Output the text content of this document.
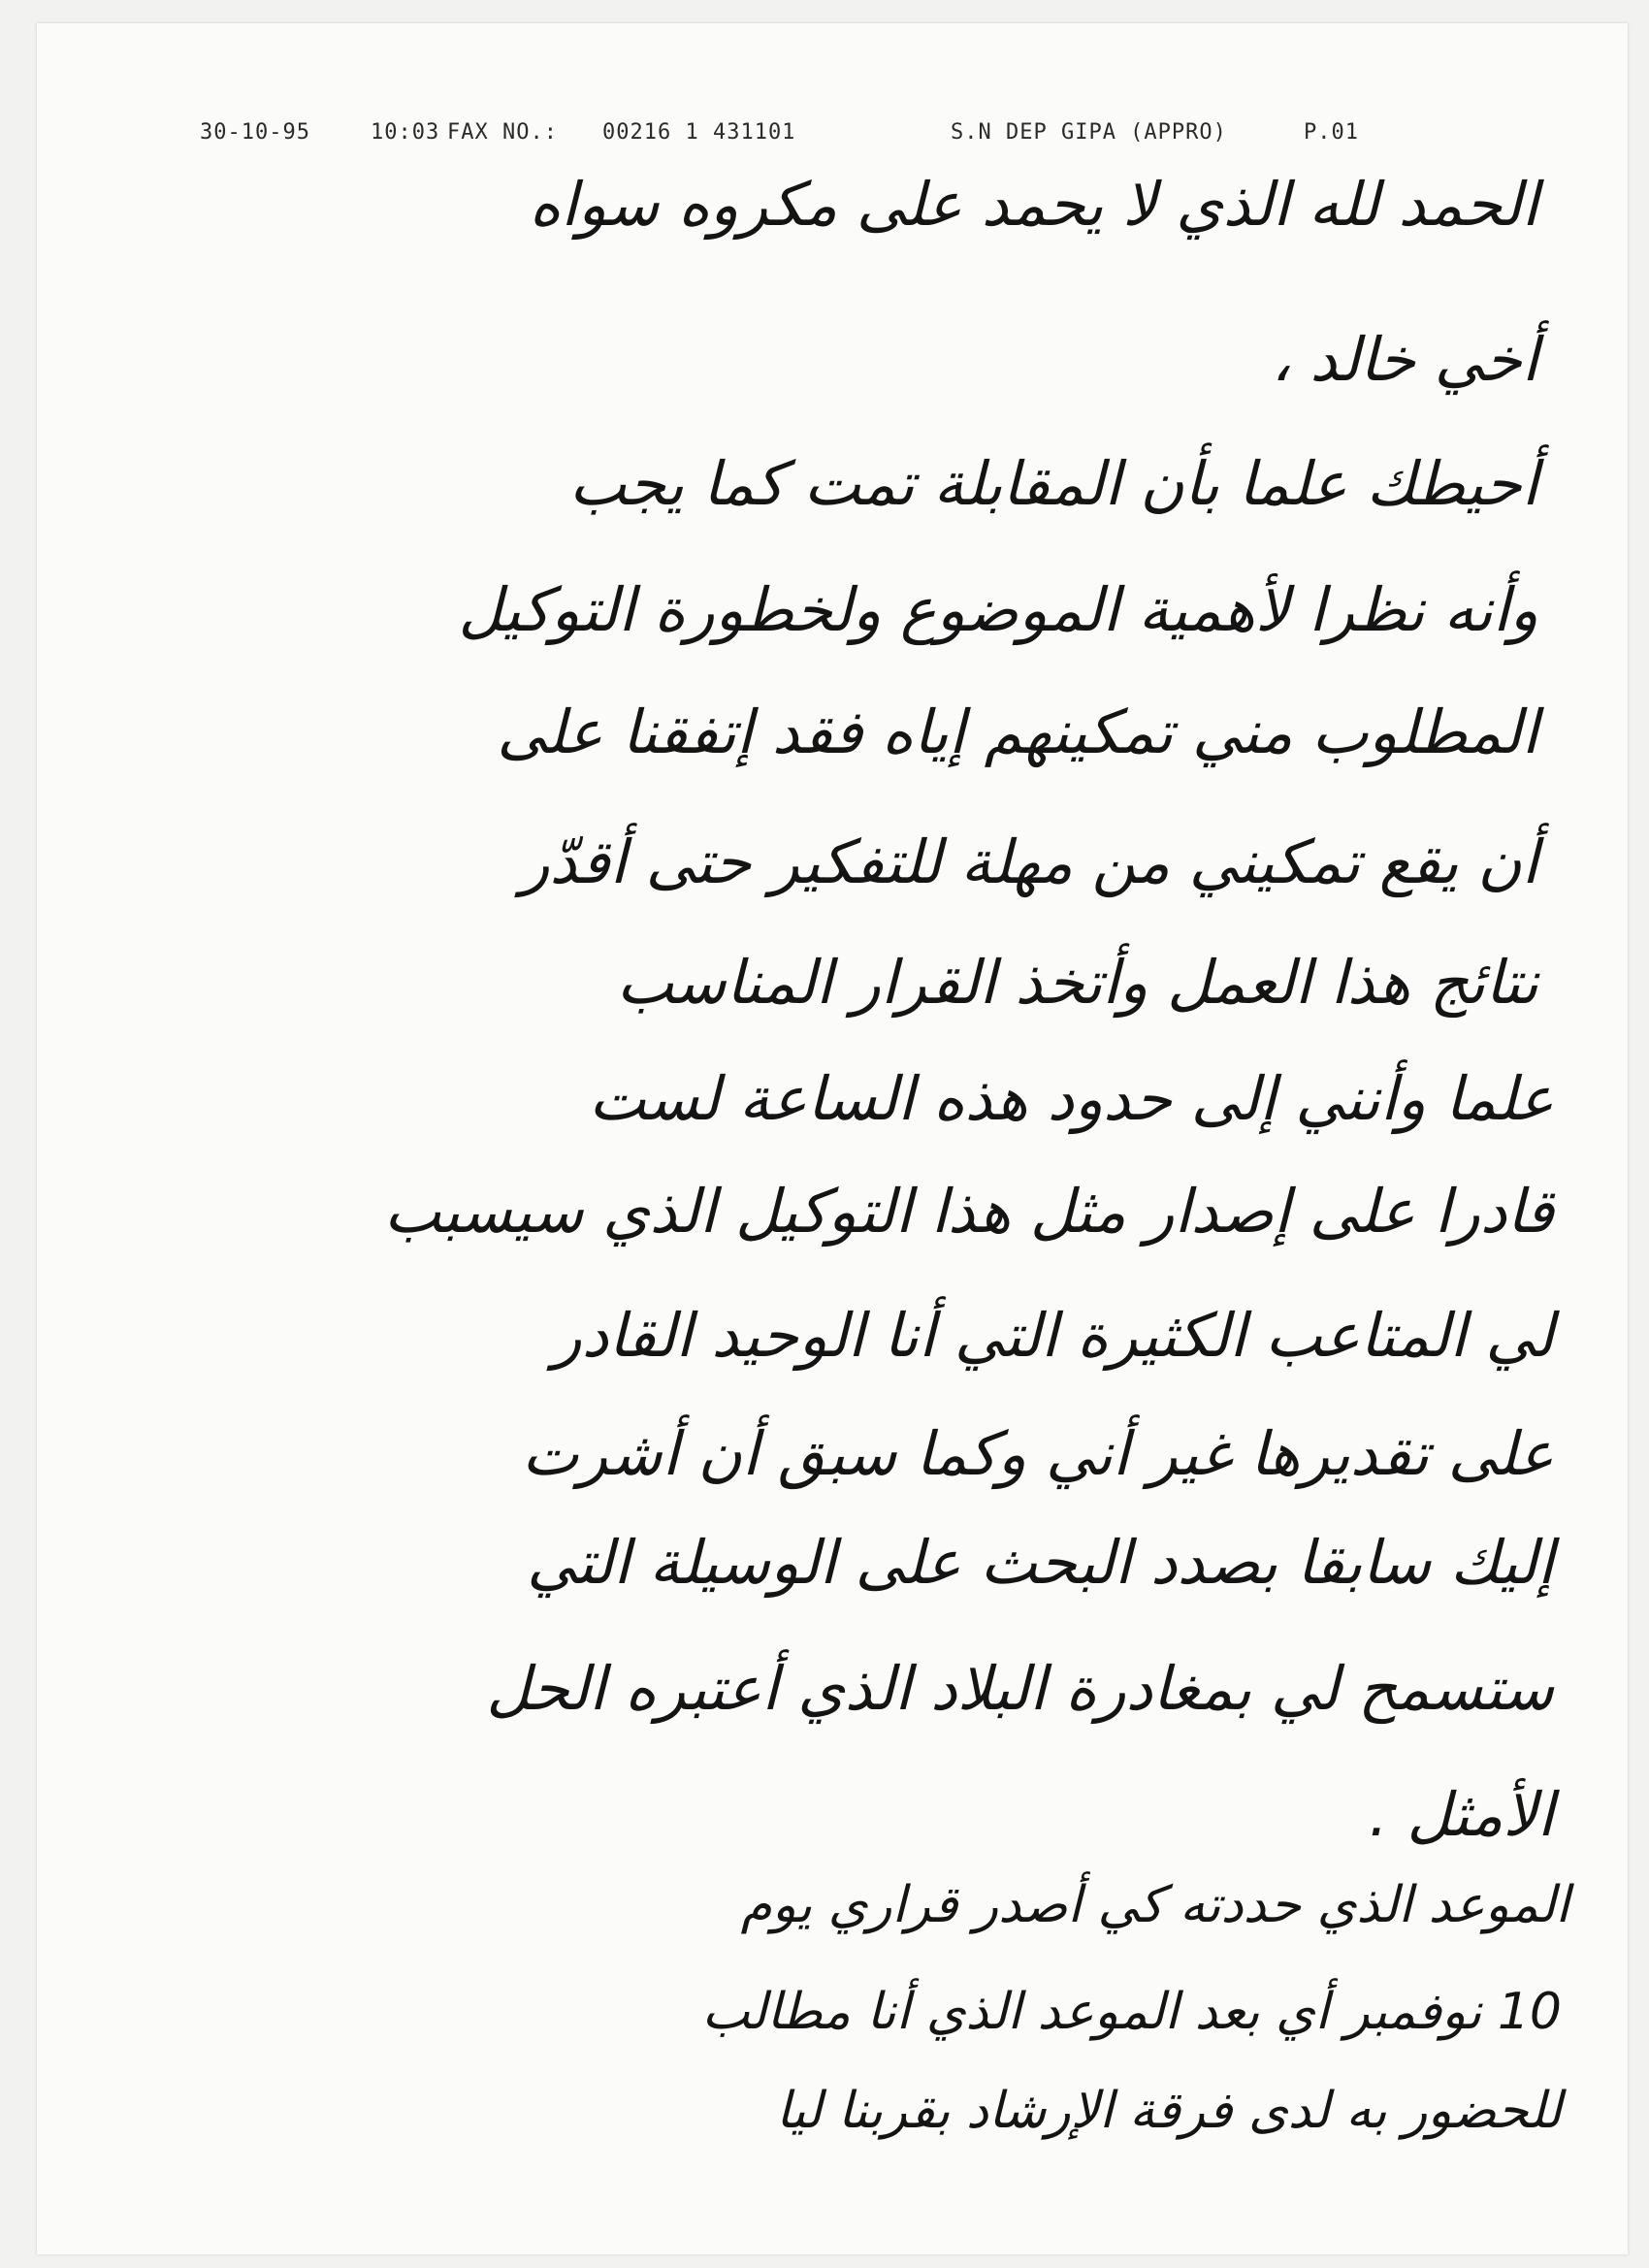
30-10-95	10:03 FAX NO.: 00216 1 431101	S.N DEP GIPA (APPRO)	P.01
الحمد لله الذي لا يحمد على مكروه سواه
أخي خالد ،
أحيطك علما بأن المقابلة تمت كما يجب
وأنه نظرا لأهمية الموضوع ولخطورة التوكيل
المطلوب مني تمكينهم إياه فقد إتفقنا على
أن يقع تمكيني من مهلة للتفكير حتى أقدّر
نتائج هذا العمل وأتخذ القرار المناسب
علما وأنني إلى حدود هذه الساعة لست
قادرا على إصدار مثل هذا التوكيل الذي سيسبب
لي المتاعب الكثيرة التي أنا الوحيد القادر
على تقديرها غير أني وكما سبق أن أشرت
إليك سابقا بصدد البحث على الوسيلة التي
ستسمح لي بمغادرة البلاد الذي أعتبره الحل
الأمثل .
الموعد الذي حددته كي أصدر قراري يوم
10 نوفمبر أي بعد الموعد الذي أنا مطالب
للحضور به لدى فرقة الإرشاد بقربنا ليا
